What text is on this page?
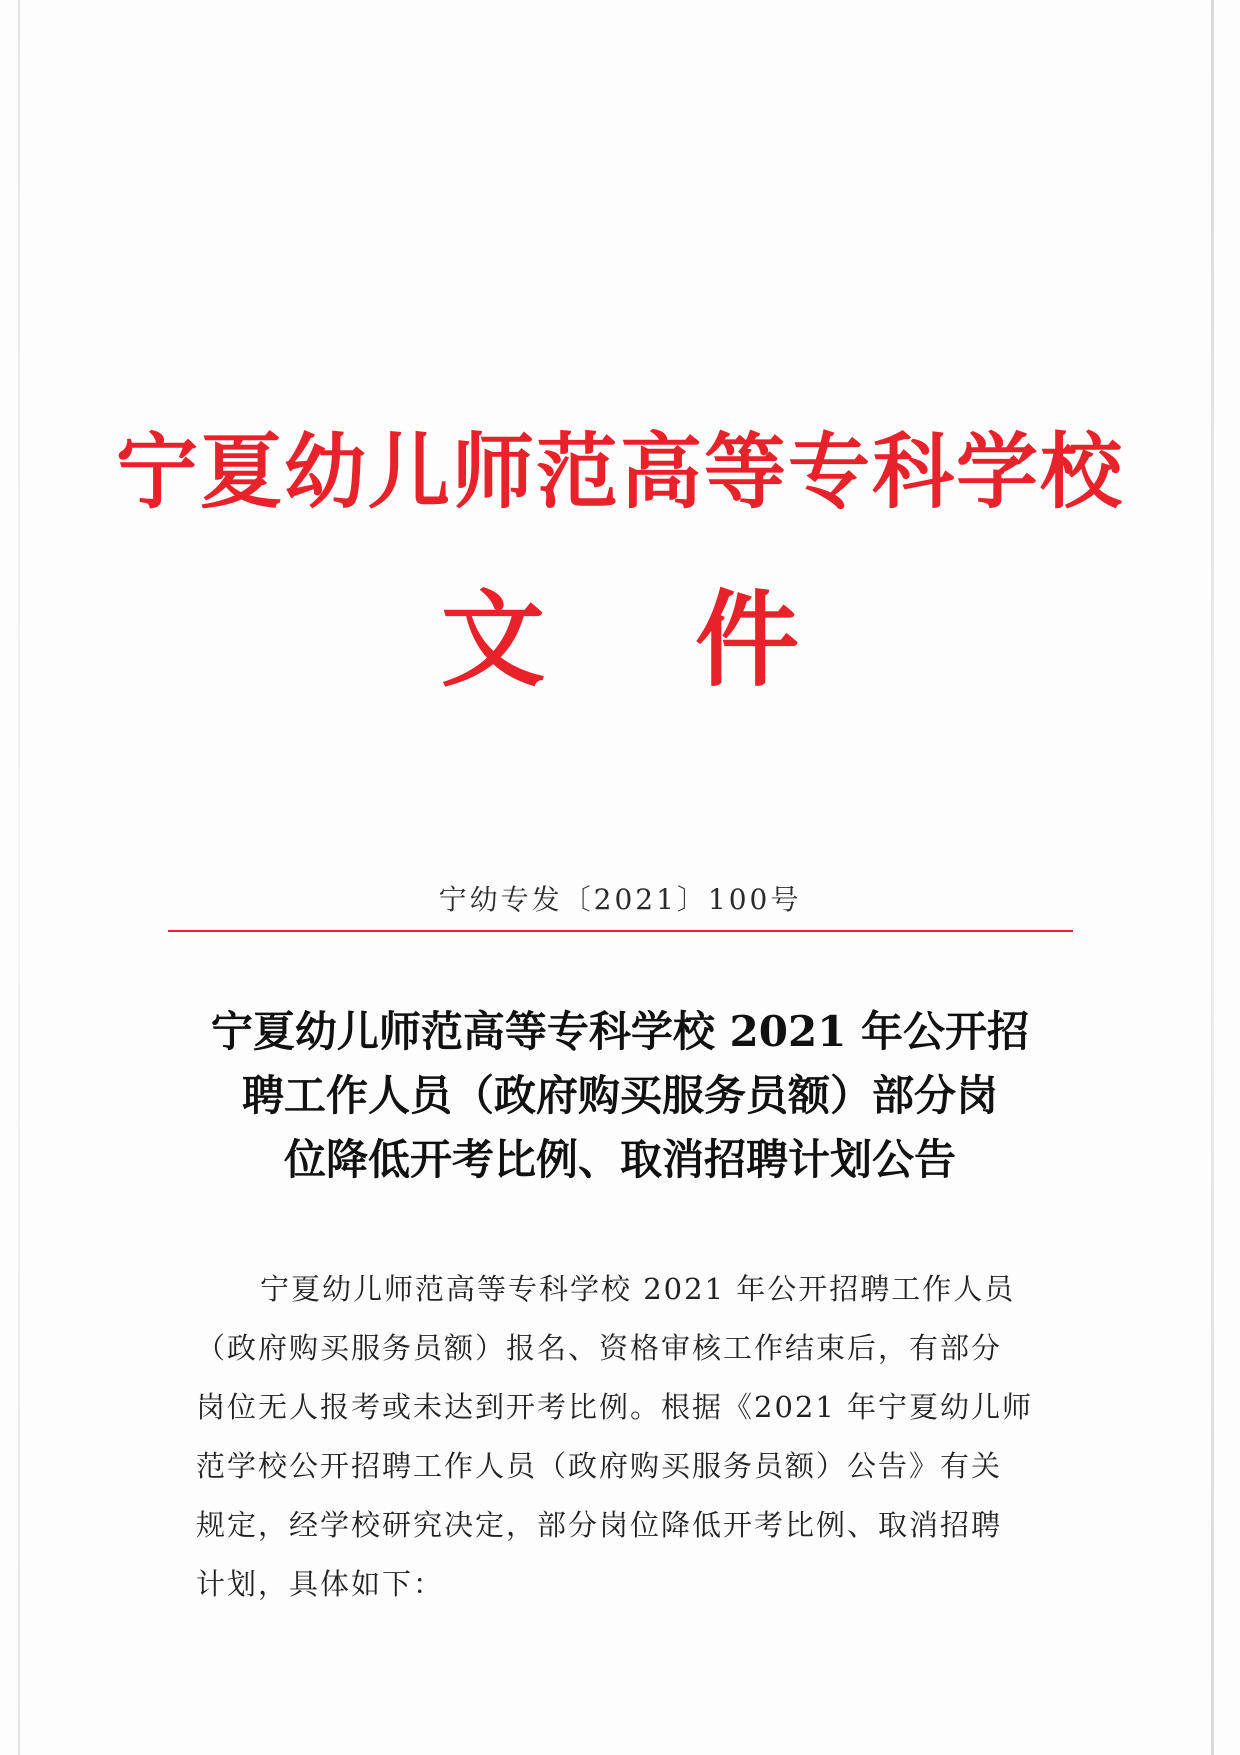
宁夏幼儿师范高等专科学校
文件
宁幼专发〔2021〕100号
宁夏幼儿师范高等专科学校 2021 年公开招
聘工作人员（政府购买服务员额）部分岗
位降低开考比例、取消招聘计划公告
宁夏幼儿师范高等专科学校 2021 年公开招聘工作人员
（政府购买服务员额）报名、资格审核工作结束后，有部分
岗位无人报考或未达到开考比例。根据《2021 年宁夏幼儿师
范学校公开招聘工作人员（政府购买服务员额）公告》有关
规定，经学校研究决定，部分岗位降低开考比例、取消招聘
计划，具体如下：
